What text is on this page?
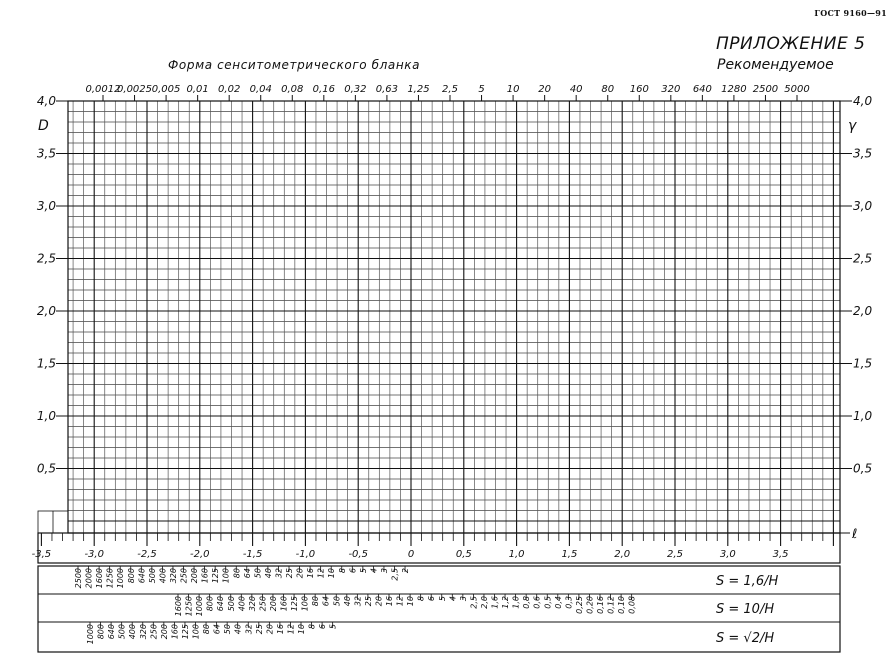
ГОСТ 9160—91
ПРИЛОЖЕНИЕ 5
Рекомендуемое
Форма сенситометрического бланка
4,0	4,0
3,5	3,5
3,0	3,0
2,5	2,5
2,0	2,0
1,5	1,5
1,0	1,0
0,5	0,5
D	γ
ℓ
0,0012
0,0025 0,005 0,01 0,02 0,04 0,08 0,16 0,32 0,63 1,25 2,5 5 10 20 40 80 160 320 640 1280 2500 5000
-3,5	-3,0	-2,5	-2,0	-1,5	-1,0	-0,5	0	0,5	1,0	1,5	2,0	2,5	3,0	3,5
2500 2000 1600 1250 1000 800 640 500 400 320 250 200 160 125 100 80 64 50 40 32 25 20 16 12 10 8 6 5 4 3 2,5 2
S = 1,6/H
1600 1250 1000 800 640 500 400 320 250 200 160 125 100 80 64 50 40 32 25 20 16 12 10 8 6 5 4 3 2,5 2,0 1,6 1,2 1,0 0,8 0,6 0,5 0,4 0,3 0,25 0,20 0,16 0,12 0,10 0,08	S = 10/H
1000 800 640 500 400 320 250 200 160 125 100 80 64 50 40 32 25 20 16 12 10 8 6 5
S = √2/H
